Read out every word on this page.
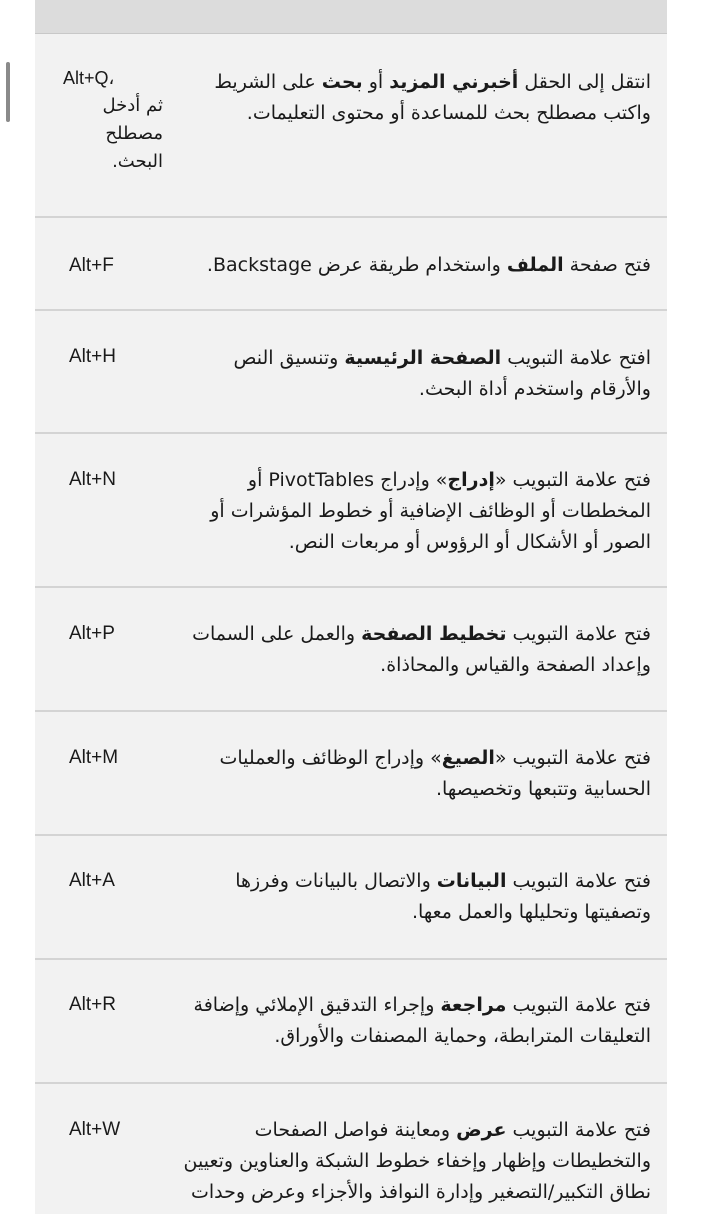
انتقل إلى الحقل أخبرني المزيد أو بحث على الشريط واكتب مصطلح بحث للمساعدة أو محتوى التعليمات.
Alt+Q،
ثم أدخل
مصطلح
البحث.
فتح صفحة الملف واستخدام طريقة عرض Backstage.
Alt+F
افتح علامة التبويب الصفحة الرئيسية وتنسيق النص والأرقام واستخدم أداة البحث.
Alt+H
فتح علامة التبويب «إدراج» وإدراج PivotTables أو المخططات أو الوظائف الإضافية أو خطوط المؤشرات أو الصور أو الأشكال أو الرؤوس أو مربعات النص.
Alt+N
فتح علامة التبويب تخطيط الصفحة والعمل على السمات وإعداد الصفحة والقياس والمحاذاة.
Alt+P
فتح علامة التبويب «الصيغ» وإدراج الوظائف والعمليات الحسابية وتتبعها وتخصيصها.
Alt+M
فتح علامة التبويب البيانات والاتصال بالبيانات وفرزها وتصفيتها وتحليلها والعمل معها.
Alt+A
فتح علامة التبويب مراجعة وإجراء التدقيق الإملائي وإضافة التعليقات المترابطة، وحماية المصنفات والأوراق.
Alt+R
فتح علامة التبويب عرض ومعاينة فواصل الصفحات والتخطيطات وإظهار وإخفاء خطوط الشبكة والعناوين وتعيين نطاق التكبير/التصغير وإدارة النوافذ والأجزاء وعرض وحدات
Alt+W
